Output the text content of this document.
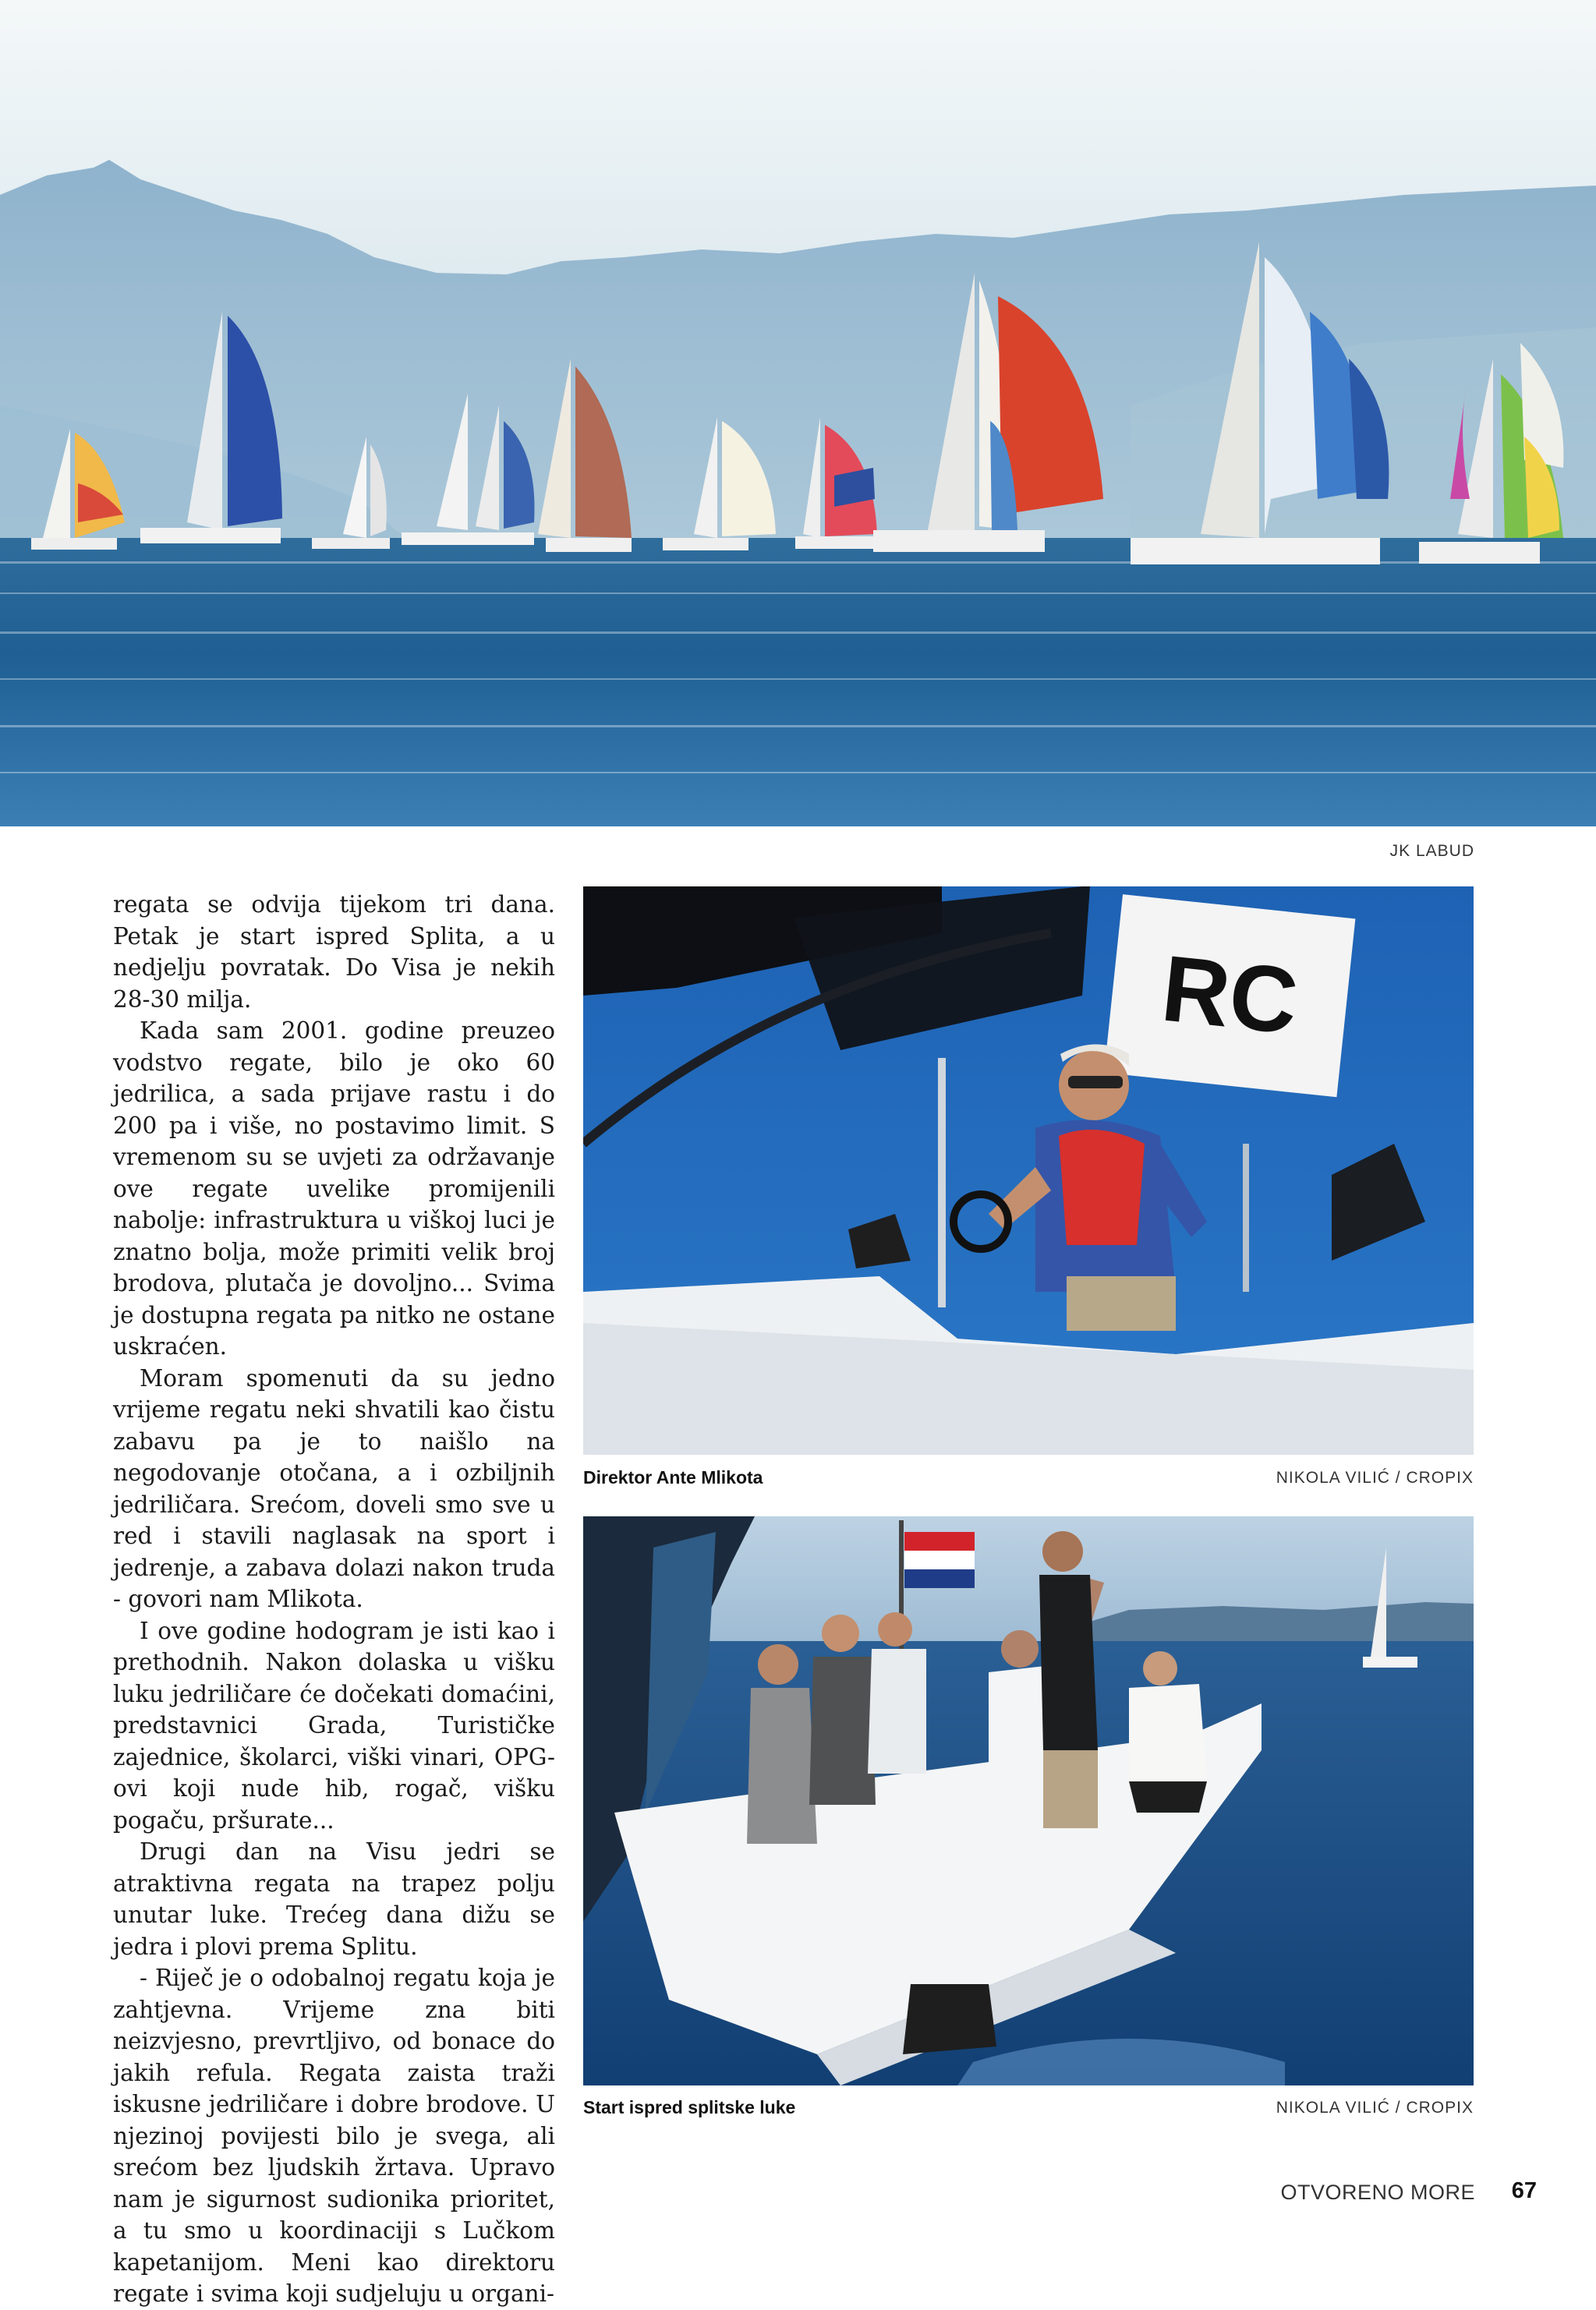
JK LABUD

regata se odvija tijekom tri dana. Petak je start ispred Splita, a u nedjelju povratak. Do Visa je nekih 28-30 milja.

Kada sam 2001. godine preuzeo vodstvo regate, bilo je oko 60 jedrilica, a sada prijave rastu i do 200 pa i više, no postavimo limit. S vremenom su se uvjeti za održavanje ove regate uvelike promijenili nabolje: infrastruktura u viškoj luci je znatno bolja, može primiti velik broj brodova, plutača je dovoljno... Svima je dostupna regata pa nitko ne ostane uskraćen.

Moram spomenuti da su jedno vrijeme regatu neki shvatili kao čistu zabavu pa je to naišlo na negodovanje otočana, a i ozbiljnih jedriličara. Srećom, doveli smo sve u red i stavili naglasak na sport i jedrenje, a zabava dolazi nakon truda - govori nam Mlikota.

I ove godine hodogram je isti kao i prethodnih. Nakon dolaska u višku luku jedriličare će dočekati domaćini, predstavnici Grada, Turističke zajednice, školarci, viški vinari, OPG-ovi koji nude hib, rogač, višku pogaču, pršurate...

Drugi dan na Visu jedri se atraktivna regata na trapez polju unutar luke. Trećeg dana dižu se jedra i plovi prema Splitu.

- Riječ je o odobalnoj regatu koja je zahtjevna. Vrijeme zna biti neizvjesno, prevrtljivo, od bonace do jakih refula. Regata zaista traži iskusne jedriličare i dobre brodove. U njezinoj povijesti bilo je svega, ali srećom bez ljudskih žrtava. Upravo nam je sigurnost sudionika prioritet, a tu smo u koordinaciji s Lučkom kapetanijom. Meni kao direktoru regate i svima koji sudjeluju u organi-

RC
Direktor Ante Mlikota	NIKOLA VILIĆ / CROPIX
Start ispred splitske luke	NIKOLA VILIĆ / CROPIX
OTVORENO MORE 67
